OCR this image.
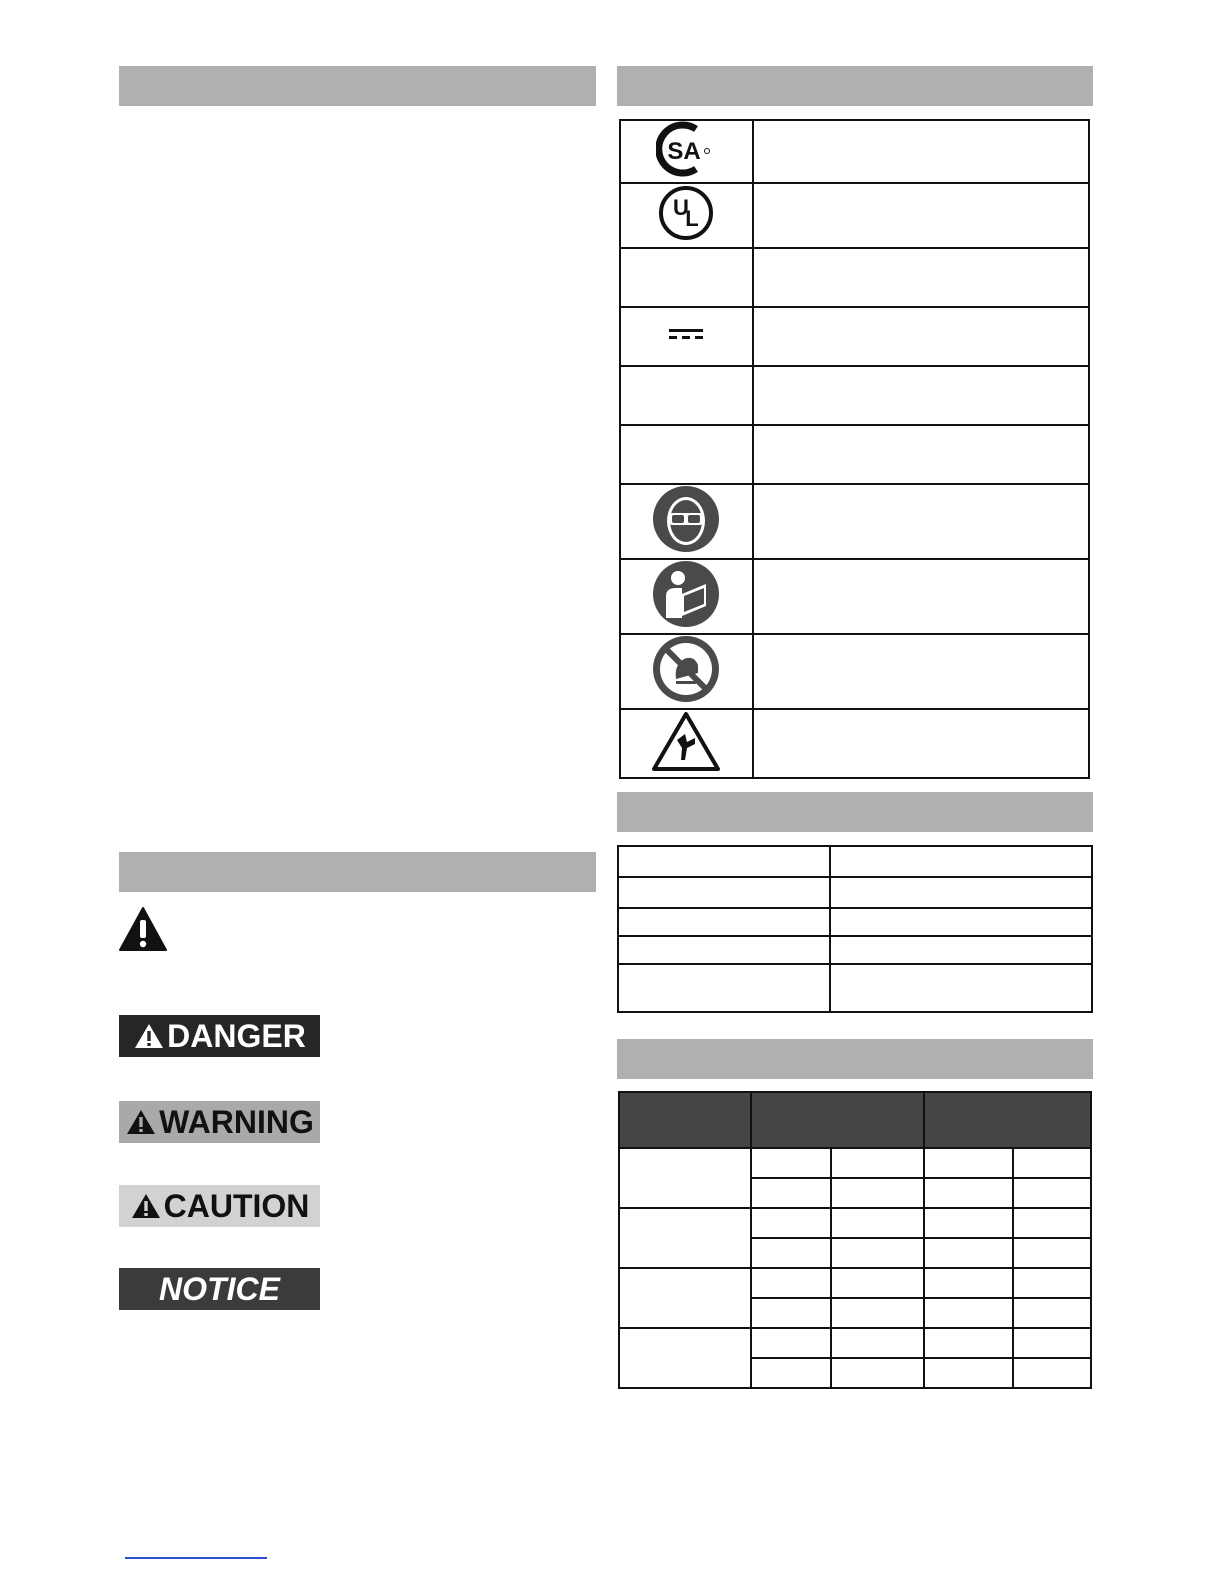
SA	

U
L	

DANGER
WARNING
CAUTION
NOTICE
